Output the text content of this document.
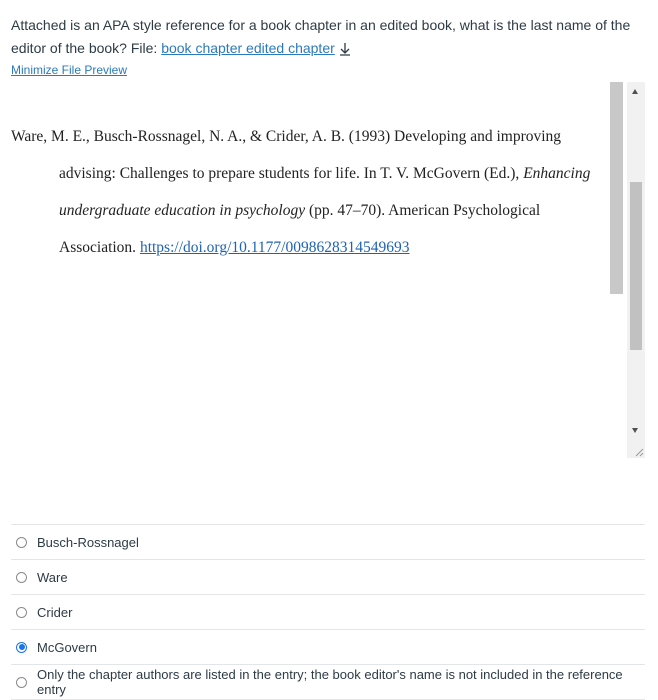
Attached is an APA style reference for a book chapter in an edited book, what is the last name of the editor of the book? File: book chapter edited chapter
Minimize File Preview
Ware, M. E., Busch-Rossnagel, N. A., & Crider, A. B. (1993) Developing and improving
advising: Challenges to prepare students for life. In T. V. McGovern (Ed.), Enhancing
undergraduate education in psychology (pp. 47–70). American Psychological
Association. https://doi.org/10.1177/0098628314549693
Busch-Rossnagel
Ware
Crider
McGovern
Only the chapter authors are listed in the entry; the book editor's name is not included in the reference entry
